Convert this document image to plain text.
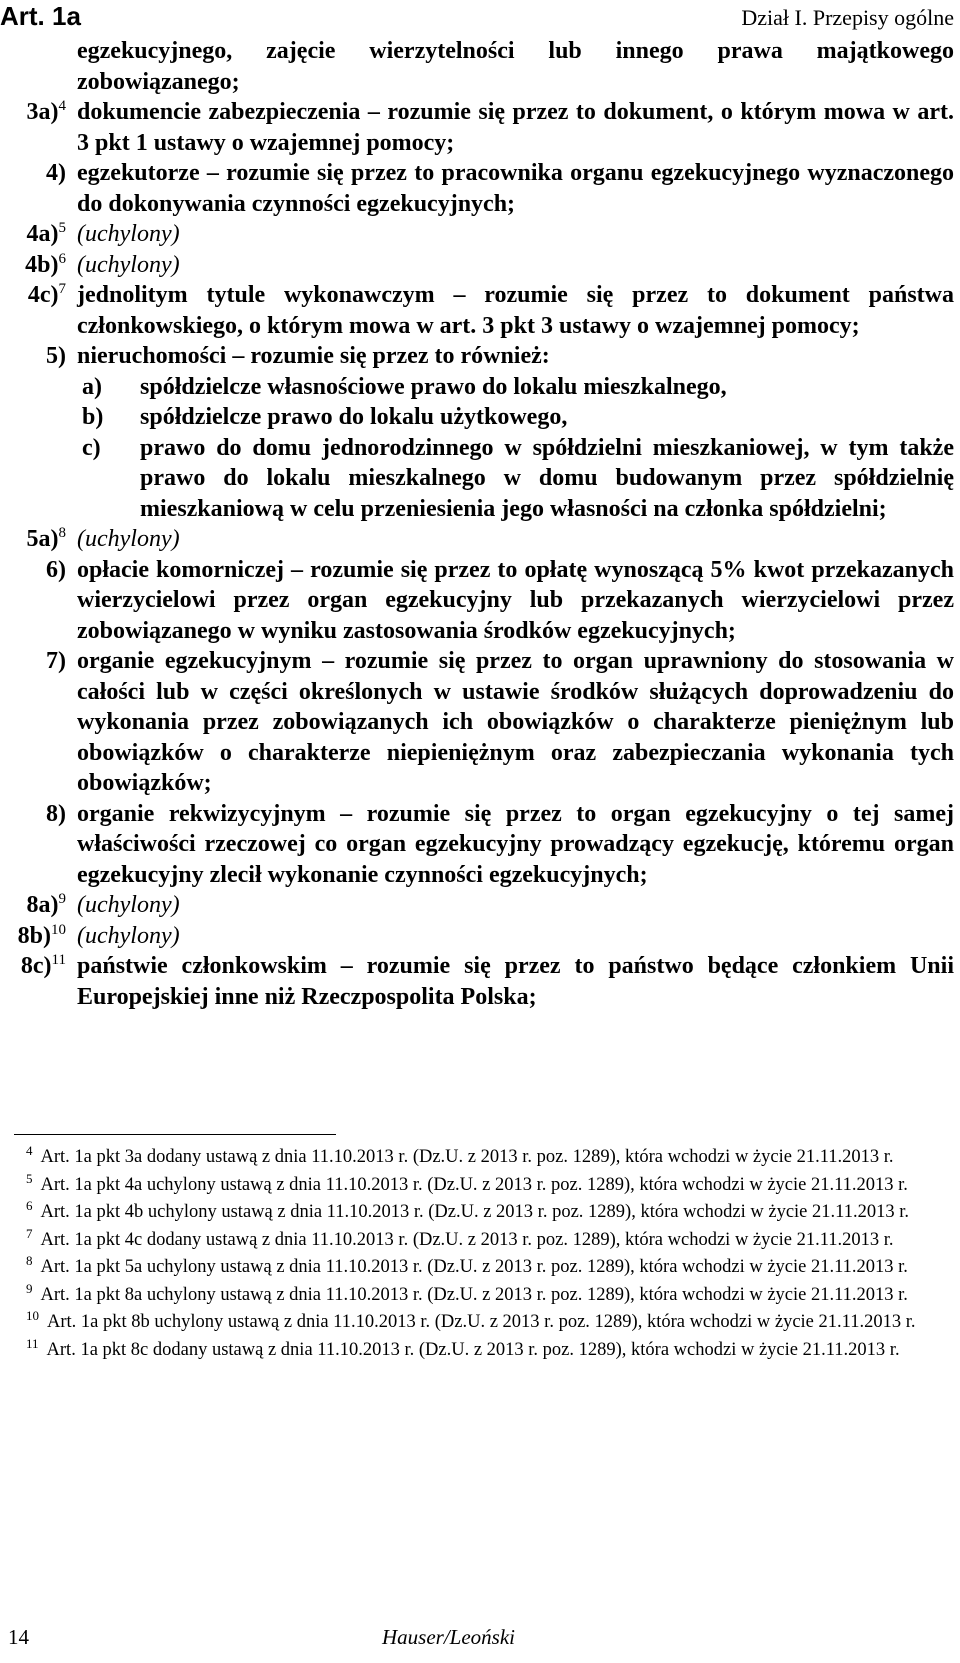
Art. 1a	Dział I. Przepisy ogólne
egzekucyjnego, zajęcie wierzytelności lub innego prawa majątkowego zobowiązanego;
3a)$^4$ dokumencie zabezpieczenia – rozumie się przez to dokument, o którym mowa w art. 3 pkt 1 ustawy o wzajemnej pomocy;
4) egzekutorze – rozumie się przez to pracownika organu egzekucyjnego wyznaczonego do dokonywania czynności egzekucyjnych;
4a)$^5$ (uchylony)
4b)$^6$ (uchylony)
4c)$^7$ jednolitym tytule wykonawczym – rozumie się przez to dokument państwa członkowskiego, o którym mowa w art. 3 pkt 3 ustawy o wzajemnej pomocy;
5) nieruchomości – rozumie się przez to również:
a)	spółdzielcze własnościowe prawo do lokalu mieszkalnego,
b)	spółdzielcze prawo do lokalu użytkowego,
c)	prawo do domu jednorodzinnego w spółdzielni mieszkaniowej, w tym także prawo do lokalu mieszkalnego w domu budowanym przez spółdzielnię mieszkaniową w celu przeniesienia jego własności na członka spółdzielni;
5a)$^8$ (uchylony)
6) opłacie komorniczej – rozumie się przez to opłatę wynoszącą 5% kwot przekazanych wierzycielowi przez organ egzekucyjny lub przekazanych wierzycielowi przez zobowiązanego w wyniku zastosowania środków egzekucyjnych;
7) organie egzekucyjnym – rozumie się przez to organ uprawniony do stosowania w całości lub w części określonych w ustawie środków służących doprowadzeniu do wykonania przez zobowiązanych ich obowiązków o charakterze pieniężnym lub obowiązków o charakterze niepieniężnym oraz zabezpieczania wykonania tych obowiązków;
8) organie rekwizycyjnym – rozumie się przez to organ egzekucyjny o tej samej właściwości rzeczowej co organ egzekucyjny prowadzący egzekucję, któremu organ egzekucyjny zlecił wykonanie czynności egzekucyjnych;
8a)$^9$ (uchylony)
8b)$^{10}$ (uchylony)
8c)$^{11}$ państwie członkowskim – rozumie się przez to państwo będące członkiem Unii Europejskiej inne niż Rzeczpospolita Polska;
$^4$ Art. 1a pkt 3a dodany ustawą z dnia 11.10.2013 r. (Dz.U. z 2013 r. poz. 1289), która wchodzi w życie 21.11.2013 r.
$^5$ Art. 1a pkt 4a uchylony ustawą z dnia 11.10.2013 r. (Dz.U. z 2013 r. poz. 1289), która wchodzi w życie 21.11.2013 r.
$^6$ Art. 1a pkt 4b uchylony ustawą z dnia 11.10.2013 r. (Dz.U. z 2013 r. poz. 1289), która wchodzi w życie 21.11.2013 r.
$^7$ Art. 1a pkt 4c dodany ustawą z dnia 11.10.2013 r. (Dz.U. z 2013 r. poz. 1289), która wchodzi w życie 21.11.2013 r.
$^8$ Art. 1a pkt 5a uchylony ustawą z dnia 11.10.2013 r. (Dz.U. z 2013 r. poz. 1289), która wchodzi w życie 21.11.2013 r.
$^9$ Art. 1a pkt 8a uchylony ustawą z dnia 11.10.2013 r. (Dz.U. z 2013 r. poz. 1289), która wchodzi w życie 21.11.2013 r.
$^{10}$ Art. 1a pkt 8b uchylony ustawą z dnia 11.10.2013 r. (Dz.U. z 2013 r. poz. 1289), która wchodzi w życie 21.11.2013 r.
$^{11}$ Art. 1a pkt 8c dodany ustawą z dnia 11.10.2013 r. (Dz.U. z 2013 r. poz. 1289), która wchodzi w życie 21.11.2013 r.
14	Hauser/Leoński
